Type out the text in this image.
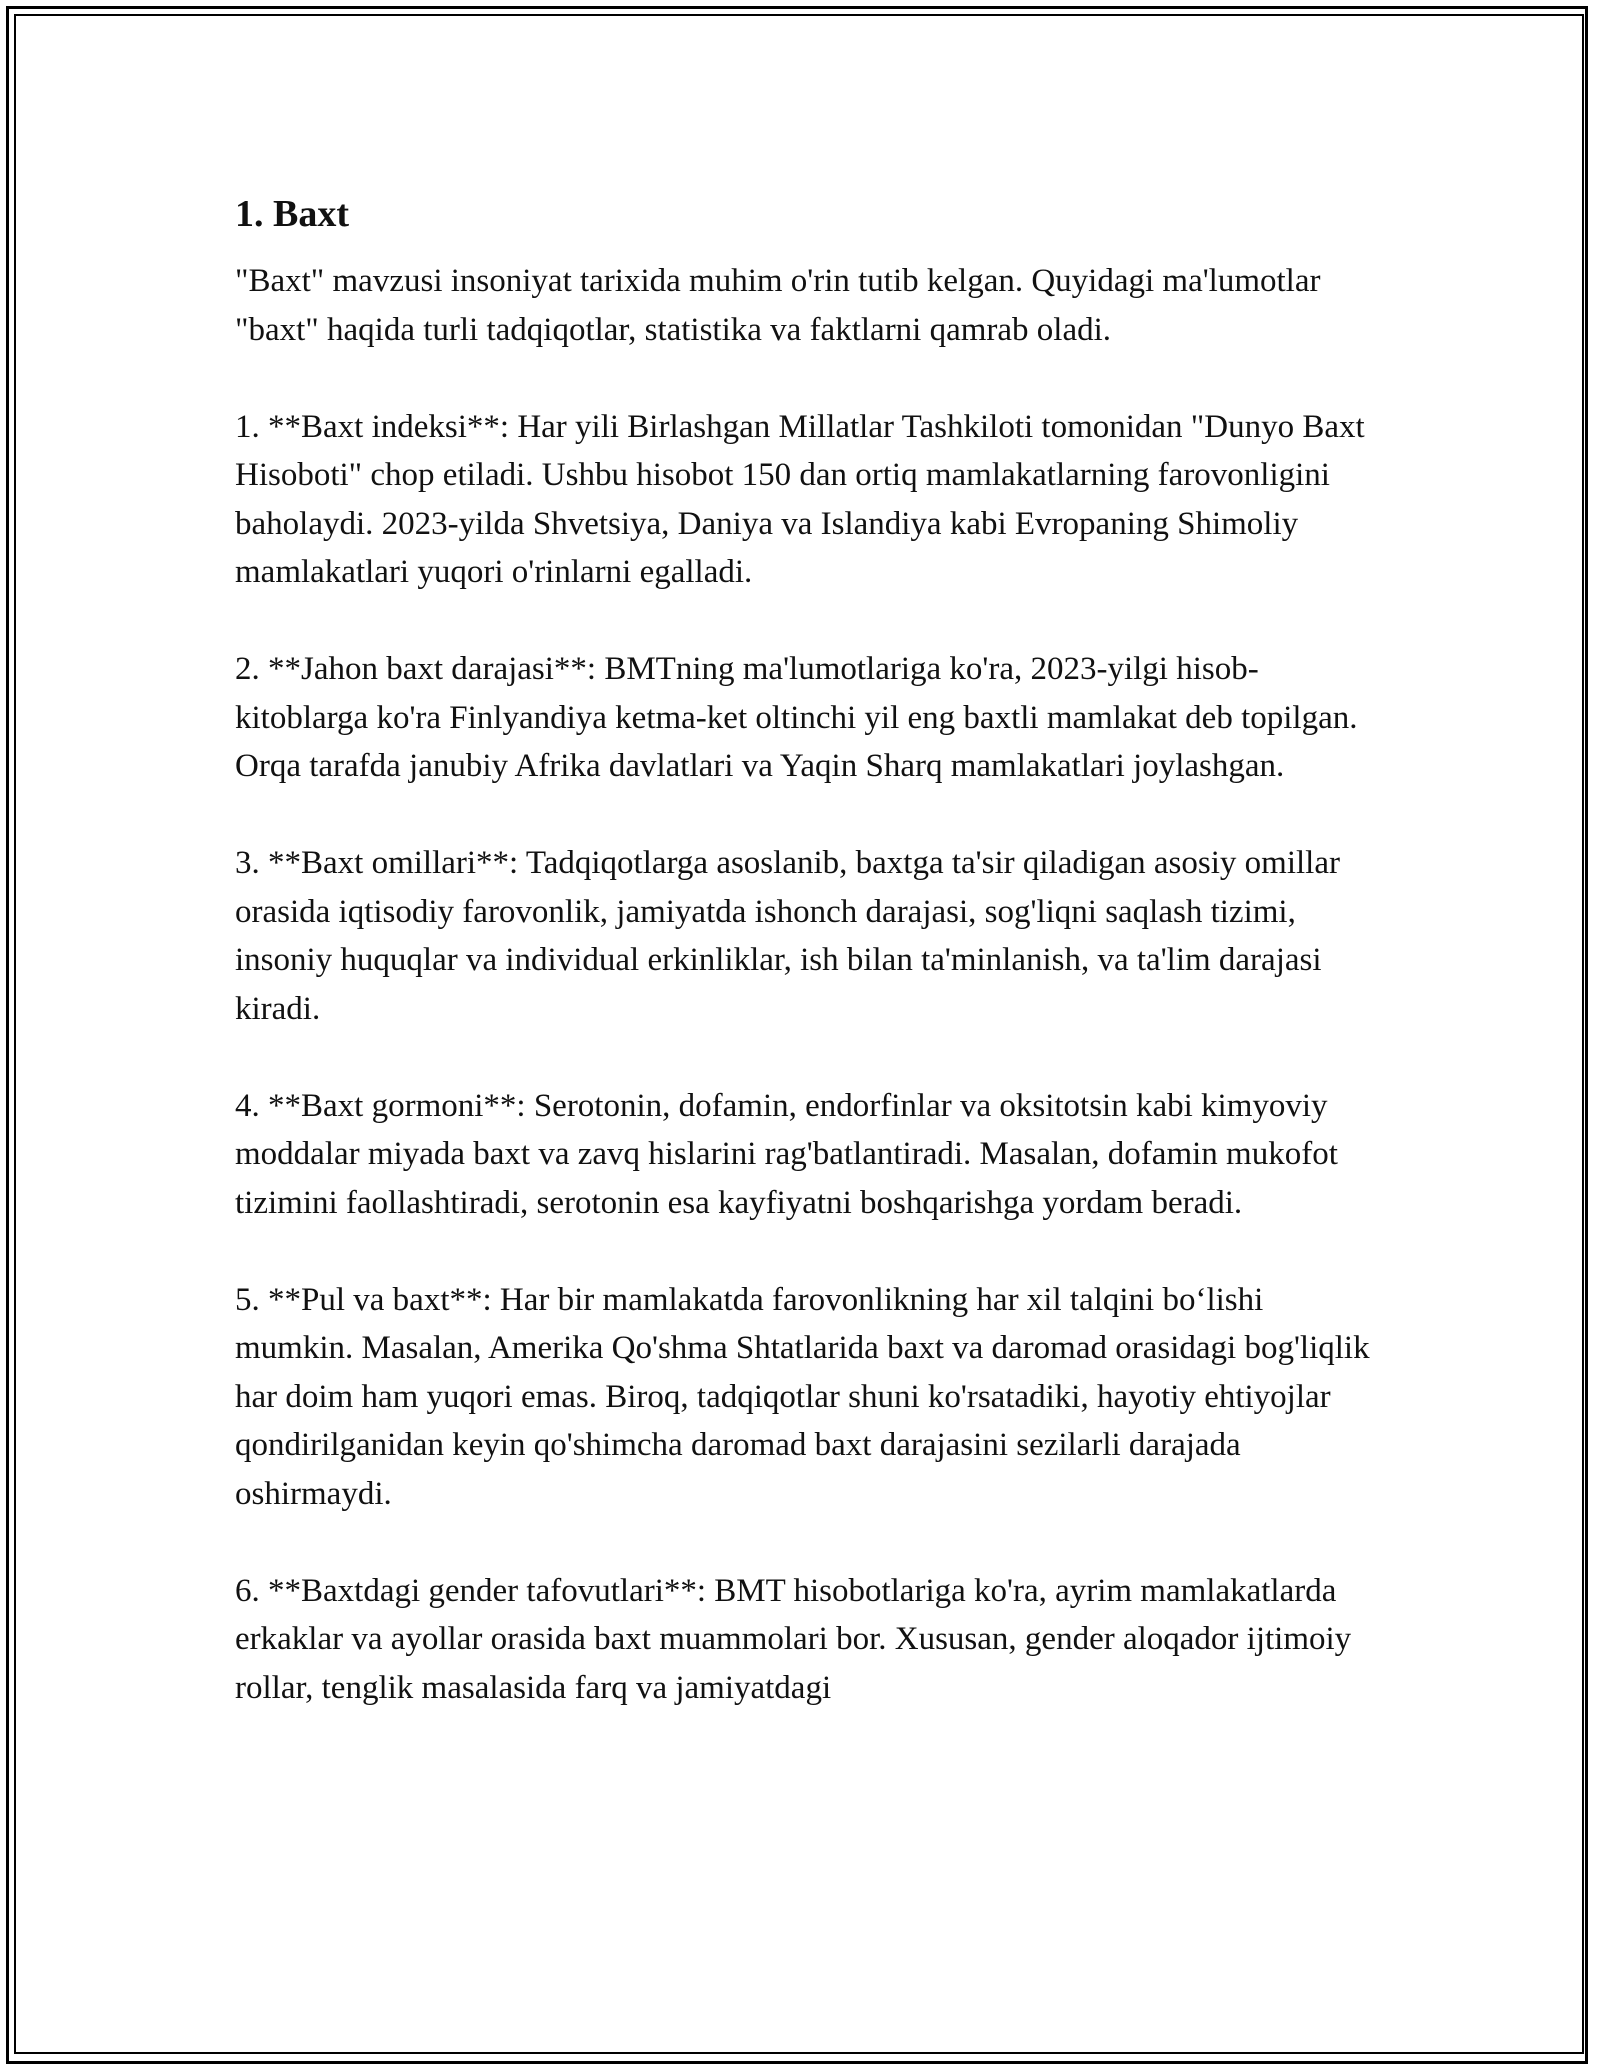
1. Baxt

"Baxt" mavzusi insoniyat tarixida muhim o'rin tutib kelgan. Quyidagi ma'lumotlar "baxt" haqida turli tadqiqotlar, statistika va faktlarni qamrab oladi.

1. **Baxt indeksi**: Har yili Birlashgan Millatlar Tashkiloti tomonidan "Dunyo Baxt Hisoboti" chop etiladi. Ushbu hisobot 150 dan ortiq mamlakatlarning farovonligini baholaydi. 2023-yilda Shvetsiya, Daniya va Islandiya kabi Evropaning Shimoliy mamlakatlari yuqori o'rinlarni egalladi.

2. **Jahon baxt darajasi**: BMTning ma'lumotlariga ko'ra, 2023-yilgi hisob-kitoblarga ko'ra Finlyandiya ketma-ket oltinchi yil eng baxtli mamlakat deb topilgan. Orqa tarafda janubiy Afrika davlatlari va Yaqin Sharq mamlakatlari joylashgan.

3. **Baxt omillari**: Tadqiqotlarga asoslanib, baxtga ta'sir qiladigan asosiy omillar orasida iqtisodiy farovonlik, jamiyatda ishonch darajasi, sog'liqni saqlash tizimi, insoniy huquqlar va individual erkinliklar, ish bilan ta'minlanish, va ta'lim darajasi kiradi.

4. **Baxt gormoni**: Serotonin, dofamin, endorfinlar va oksitotsin kabi kimyoviy moddalar miyada baxt va zavq hislarini rag'batlantiradi. Masalan, dofamin mukofot tizimini faollashtiradi, serotonin esa kayfiyatni boshqarishga yordam beradi.

5. **Pul va baxt**: Har bir mamlakatda farovonlikning har xil talqini bo‘lishi mumkin. Masalan, Amerika Qo'shma Shtatlarida baxt va daromad orasidagi bog'liqlik har doim ham yuqori emas. Biroq, tadqiqotlar shuni ko'rsatadiki, hayotiy ehtiyojlar qondirilganidan keyin qo'shimcha daromad baxt darajasini sezilarli darajada oshirmaydi.

6. **Baxtdagi gender tafovutlari**: BMT hisobotlariga ko'ra, ayrim mamlakatlarda erkaklar va ayollar orasida baxt muammolari bor. Xususan, gender aloqador ijtimoiy rollar, tenglik masalasida farq va jamiyatdagi
